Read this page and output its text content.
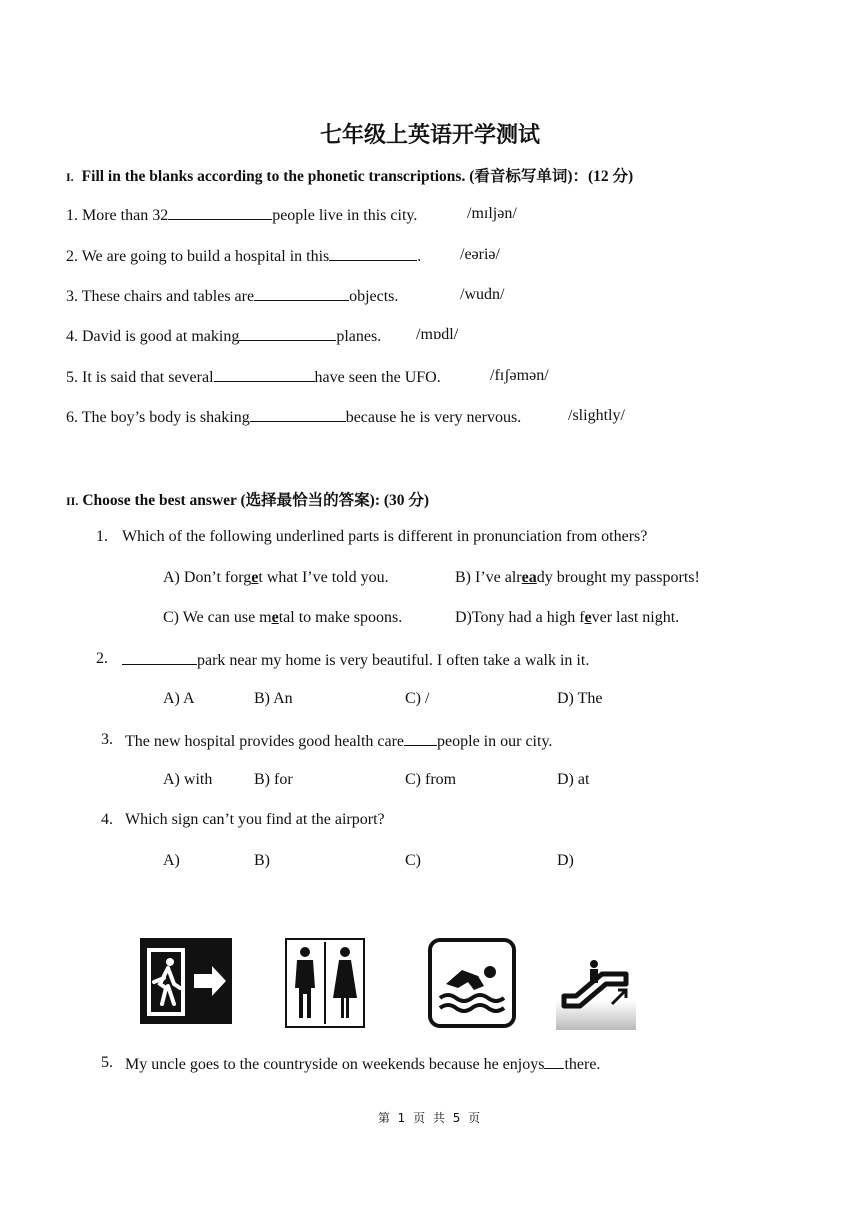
七年级上英语开学测试
I. Fill in the blanks according to the phonetic transcriptions. (看音标写单词)：(12 分)
1. More than 32	people live in this city.	/mɪljən/
2. We are going to build a hospital in this	. /eəriə/
3. These chairs and tables are	objects.	/wudn/
4. David is good at making	planes. /mɒdl/
5. It is said that several	have seen the UFO.	/fɪʃəmən/
6. The boy’s body is shaking	because he is very nervous.	/slightly/
II. Choose the best answer (选择最恰当的答案): (30 分)
1. Which of the following underlined parts is different in pronunciation from others?
A) Don’t forget what I’ve told you.	B) I’ve already brought my passports!
C) We can use metal to make spoons.	D)Tony had a high fever last night.
2.	park near my home is very beautiful. I often take a walk in it.
A) A	B) An	C) /	D) The
3. The new hospital provides good health care people in our city.
A) with	B) for	C) from	D) at
4. Which sign can’t you find at the airport?
A)	B)	C)	D)
5. My uncle goes to the countryside on weekends because he enjoys there.
第 1 页 共 5 页
